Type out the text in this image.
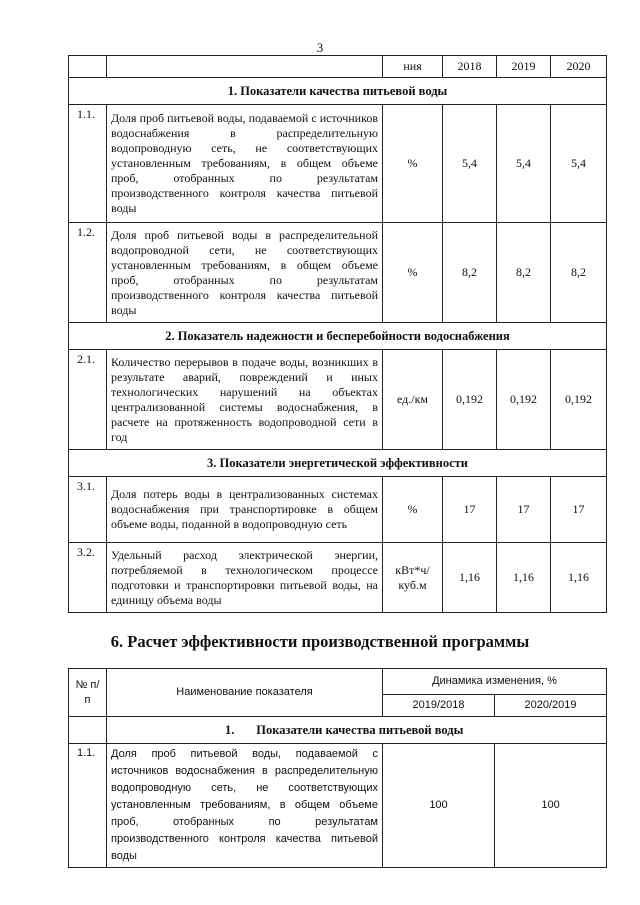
3
		ния	2018	2019	2020
1. Показатели качества питьевой воды					
1.1.	Доля проб питьевой воды, подаваемой с источников водоснабжения в распределительную водопроводную сеть, не соответствующих установленным требованиям, в общем объеме проб, отобранных по результатам производственного контроля качества питьевой воды	%	5,4	5,4	5,4
1.2.	Доля проб питьевой воды в распределительной водопроводной сети, не соответствующих установленным требованиям, в общем объеме проб, отобранных по результатам производственного контроля качества питьевой воды	%	8,2	8,2	8,2
2. Показатель надежности и бесперебойности водоснабжения					
2.1.	Количество перерывов в подаче воды, возникших в результате аварий, повреждений и иных технологических нарушений на объектах централизованной системы водоснабжения, в расчете на протяженность водопроводной сети в год	ед./км	0,192	0,192	0,192
3. Показатели энергетической эффективности					
3.1.	Доля потерь воды в централизованных системах водоснабжения при транспортировке в общем объеме воды, поданной в водопроводную сеть	%	17	17	17
3.2.	Удельный расход электрической энергии, потребляемой в технологическом процессе подготовки и транспортировки питьевой воды, на единицу объема воды	кВт*ч/ куб.м	1,16	1,16	1,16
6. Расчет эффективности производственной программы
№ п/п	Наименование показателя	Динамика изменения, %	
		2019/2018	2020/2019
	1. Показатели качества питьевой воды		
1.1.	Доля проб питьевой воды, подаваемой с источников водоснабжения в распределительную водопроводную сеть, не соответствующих установленным требованиям, в общем объеме проб, отобранных по результатам производственного контроля качества питьевой воды	100	100
